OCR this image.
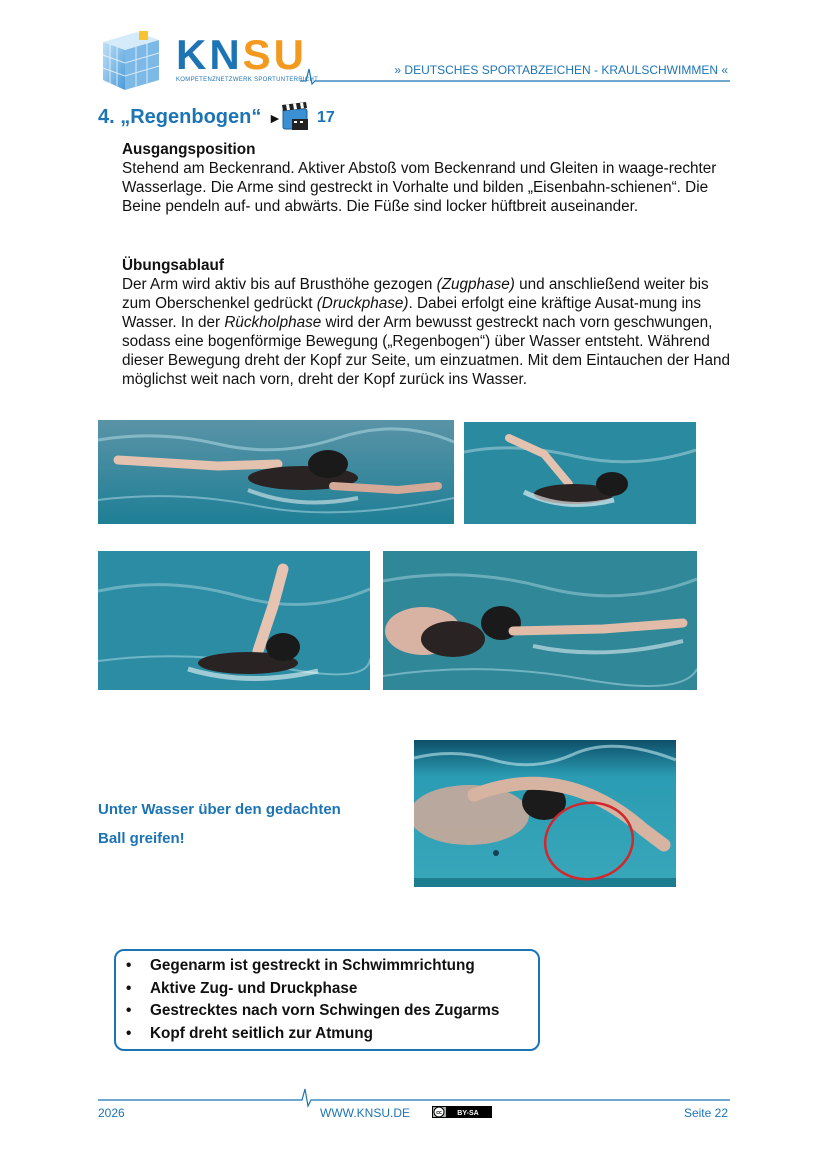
KNSU
KOMPETENZNETZWERK SPORTUNTERRICHT
» DEUTSCHES SPORTABZEICHEN - KRAULSCHWIMMEN «
4. „Regenbogen“ ► 17
Ausgangsposition

Stehend am Beckenrand. Aktiver Abstoß vom Beckenrand und Gleiten in waage-rechter Wasserlage. Die Arme sind gestreckt in Vorhalte und bilden „Eisenbahn-schienen“. Die Beine pendeln auf- und abwärts. Die Füße sind locker hüftbreit auseinander.

Übungsablauf

Der Arm wird aktiv bis auf Brusthöhe gezogen (Zugphase) und anschließend weiter bis zum Oberschenkel gedrückt (Druckphase). Dabei erfolgt eine kräftige Ausat-mung ins Wasser. In der Rückholphase wird der Arm bewusst gestreckt nach vorn geschwungen, sodass eine bogenförmige Bewegung („Regenbogen“) über Wasser entsteht. Während dieser Bewegung dreht der Kopf zur Seite, um einzuatmen. Mit dem Eintauchen der Hand möglichst weit nach vorn, dreht der Kopf zurück ins Wasser.

Unter Wasser über den gedachten
Ball greifen!
• Gegenarm ist gestreckt in Schwimmrichtung
• Aktive Zug- und Druckphase
• Gestrecktes nach vorn Schwingen des Zugarms
• Kopf dreht seitlich zur Atmung
2026	WWW.KNSU.DE	cc BY-SA	Seite 22
